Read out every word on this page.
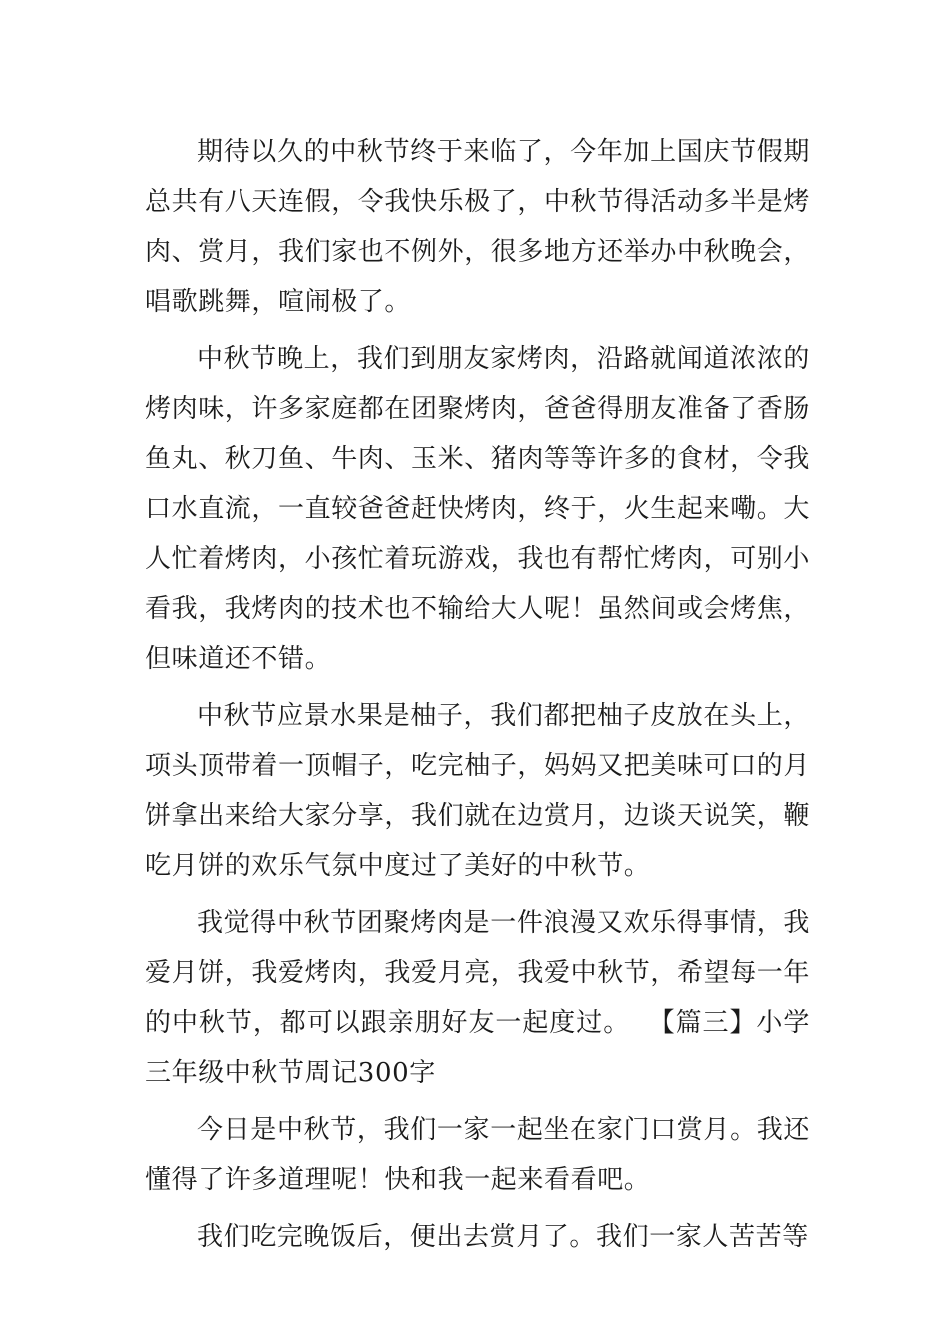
期待以久的中秋节终于来临了，今年加上国庆节假期总共有八天连假，令我快乐极了，中秋节得活动多半是烤肉、赏月，我们家也不例外，很多地方还举办中秋晚会，唱歌跳舞，喧闹极了。

中秋节晚上，我们到朋友家烤肉，沿路就闻道浓浓的烤肉味，许多家庭都在团聚烤肉，爸爸得朋友准备了香肠鱼丸、秋刀鱼、牛肉、玉米、猪肉等等许多的食材，令我口水直流，一直较爸爸赶快烤肉，终于，火生起来嘞。大人忙着烤肉，小孩忙着玩游戏，我也有帮忙烤肉，可别小看我，我烤肉的技术也不输给大人呢！虽然间或会烤焦，但味道还不错。

中秋节应景水果是柚子，我们都把柚子皮放在头上，项头顶带着一顶帽子，吃完柚子，妈妈又把美味可口的月饼拿出来给大家分享，我们就在边赏月，边谈天说笑，鞭吃月饼的欢乐气氛中度过了美好的中秋节。

我觉得中秋节团聚烤肉是一件浪漫又欢乐得事情，我爱月饼，我爱烤肉，我爱月亮，我爱中秋节，希望每一年的中秋节，都可以跟亲朋好友一起度过。 【篇三】小学三年级中秋节周记300字

今日是中秋节，我们一家一起坐在家门口赏月。我还懂得了许多道理呢！快和我一起来看看吧。

我们吃完晚饭后，便出去赏月了。我们一家人苦苦等
